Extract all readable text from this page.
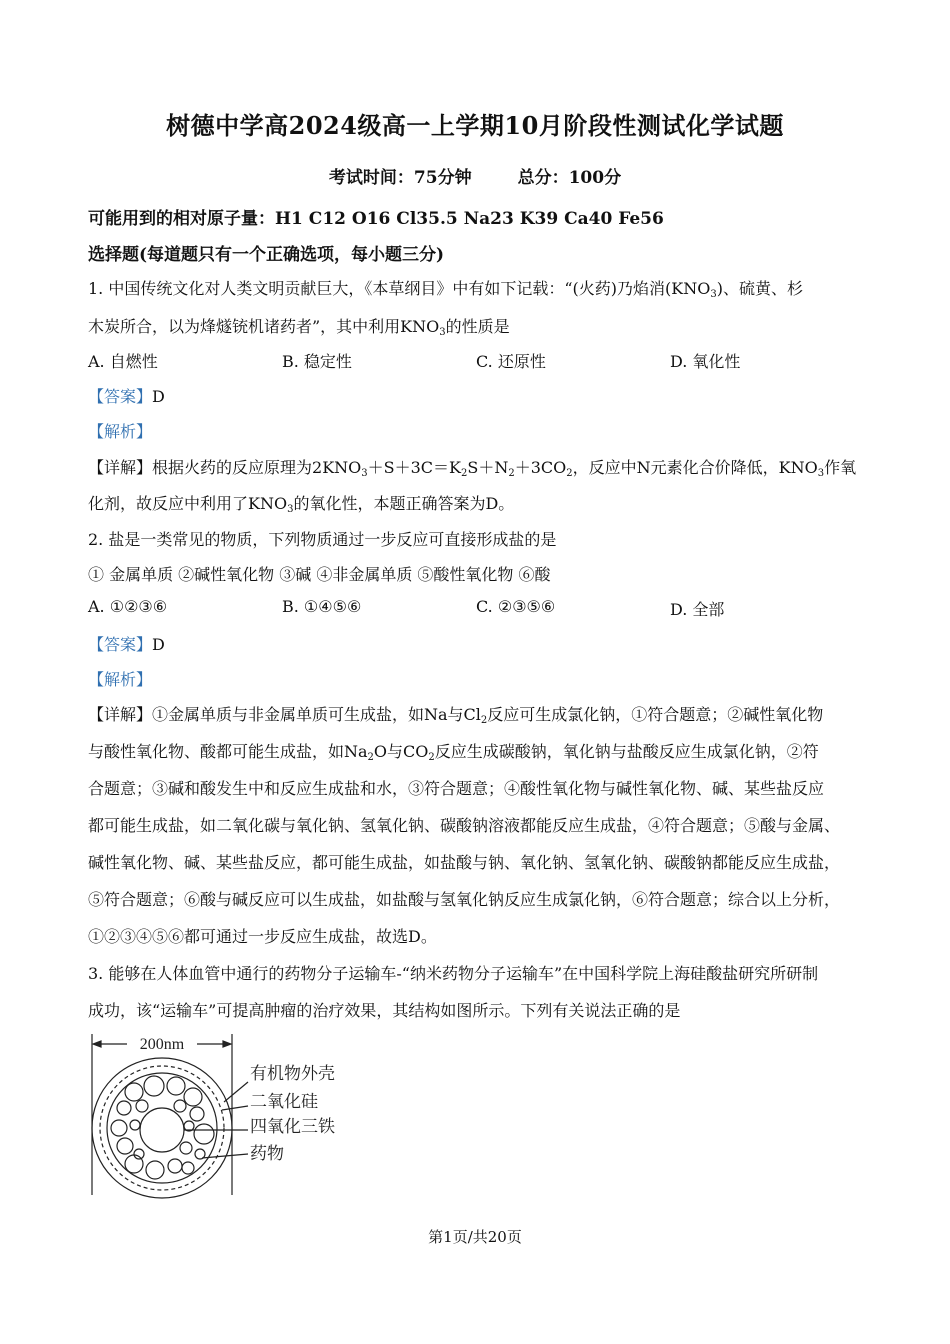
树德中学高2024级高一上学期10月阶段性测试化学试题
考试时间：75分钟	总分：100分
可能用到的相对原子量：H1 C12 O16 Cl35.5 Na23 K39 Ca40 Fe56
选择题(每道题只有一个正确选项，每小题三分)
1. 中国传统文化对人类文明贡献巨大，《本草纲目》中有如下记载：“(火药)乃焰消$(KNO_3)$、硫黄、杉
木炭所合，以为烽燧铳机诸药者”，其中利用$KNO_3$的性质是
A. 自燃性	B. 稳定性	C. 还原性	D. 氧化性
【答案】D
【解析】
【详解】根据火药的反应原理为$2KNO_3+S+3C=K_2S+N_2+3CO_2$，反应中N元素化合价降低，$KNO_3$作氧
化剂，故反应中利用了$KNO_3$的氧化性，本题正确答案为D。
2. 盐是一类常见的物质，下列物质通过一步反应可直接形成盐的是
① 金属单质 ②碱性氧化物 ③碱 ④非金属单质 ⑤酸性氧化物 ⑥酸
A. ①②③⑥	B. ①④⑤⑥	C. ②③⑤⑥	D. 全部
【答案】D
【解析】
【详解】①金属单质与非金属单质可生成盐，如Na与$Cl_2$反应可生成氯化钠，①符合题意；②碱性氧化物
与酸性氧化物、酸都可能生成盐，如$Na_2O$与$CO_2$反应生成碳酸钠，氧化钠与盐酸反应生成氯化钠，②符
合题意；③碱和酸发生中和反应生成盐和水，③符合题意；④酸性氧化物与碱性氧化物、碱、某些盐反应
都可能生成盐，如二氧化碳与氧化钠、氢氧化钠、碳酸钠溶液都能反应生成盐，④符合题意；⑤酸与金属、
碱性氧化物、碱、某些盐反应，都可能生成盐，如盐酸与钠、氧化钠、氢氧化钠、碳酸钠都能反应生成盐，
⑤符合题意；⑥酸与碱反应可以生成盐，如盐酸与氢氧化钠反应生成氯化钠，⑥符合题意；综合以上分析，
①②③④⑤⑥都可通过一步反应生成盐，故选D。
3. 能够在人体血管中通行的药物分子运输车-“纳米药物分子运输车”在中国科学院上海硅酸盐研究所研制
成功，该“运输车”可提高肿瘤的治疗效果，其结构如图所示。下列有关说法正确的是
200nm
有机物外壳
二氧化硅
四氧化三铁
药物
第1页/共20页
